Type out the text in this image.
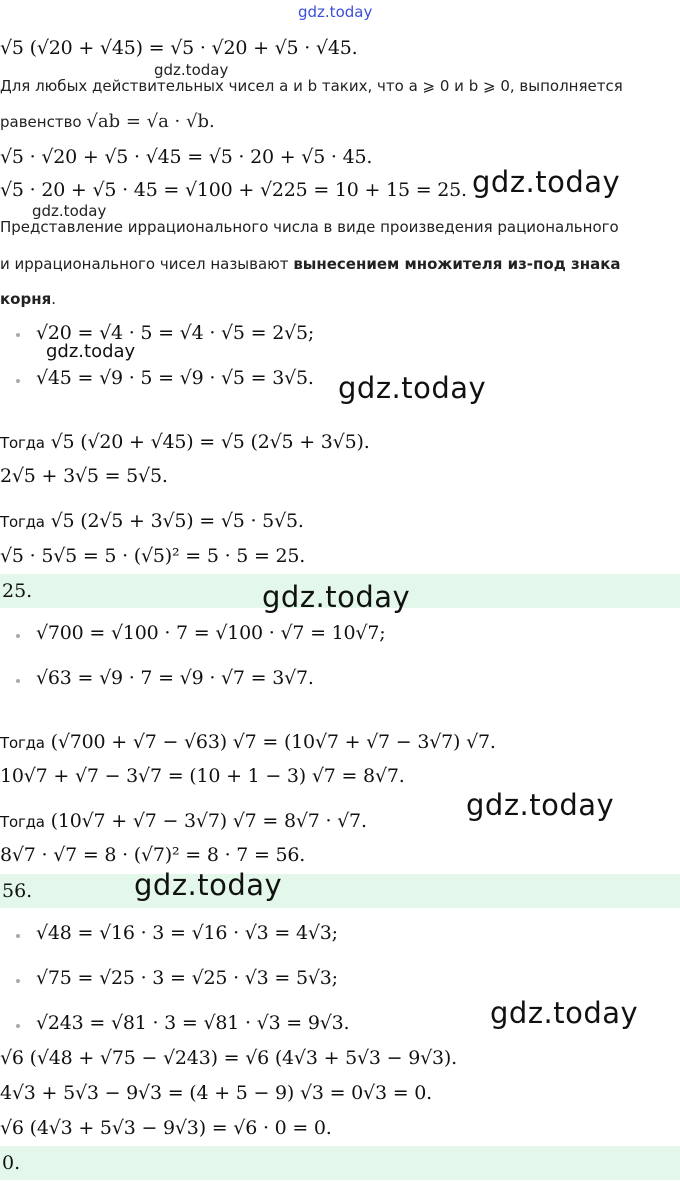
gdz.today
√5 (√20 + √45) = √5 · √20 + √5 · √45.
gdz.today
Для любых действительных чисел a и b таких, что a ⩾ 0 и b ⩾ 0, выполняется
равенство √ab = √a · √b.
√5 · √20 + √5 · √45 = √5 · 20 + √5 · 45.
√5 · 20 + √5 · 45 = √100 + √225 = 10 + 15 = 25. gdz.today
gdz.today
Представление иррационального числа в виде произведения рационального
и иррационального чисел называют вынесением множителя из-под знака
корня.
√20 = √4 · 5 = √4 · √5 = 2√5;
gdz.today
√45 = √9 · 5 = √9 · √5 = 3√5. gdz.today
Тогда √5 (√20 + √45) = √5 (2√5 + 3√5).
2√5 + 3√5 = 5√5.
Тогда √5 (2√5 + 3√5) = √5 · 5√5.
√5 · 5√5 = 5 · (√5)² = 5 · 5 = 25.
25.	gdz.today
√700 = √100 · 7 = √100 · √7 = 10√7;
√63 = √9 · 7 = √9 · √7 = 3√7.
Тогда (√700 + √7 − √63) √7 = (10√7 + √7 − 3√7) √7.
10√7 + √7 − 3√7 = (10 + 1 − 3) √7 = 8√7.
Тогда (10√7 + √7 − 3√7) √7 = 8√7 · √7.	gdz.today
8√7 · √7 = 8 · (√7)² = 8 · 7 = 56.
56.	gdz.today
√48 = √16 · 3 = √16 · √3 = 4√3;
√75 = √25 · 3 = √25 · √3 = 5√3;
√243 = √81 · 3 = √81 · √3 = 9√3.	gdz.today
√6 (√48 + √75 − √243) = √6 (4√3 + 5√3 − 9√3).
4√3 + 5√3 − 9√3 = (4 + 5 − 9) √3 = 0√3 = 0.
√6 (4√3 + 5√3 − 9√3) = √6 · 0 = 0.
0.
